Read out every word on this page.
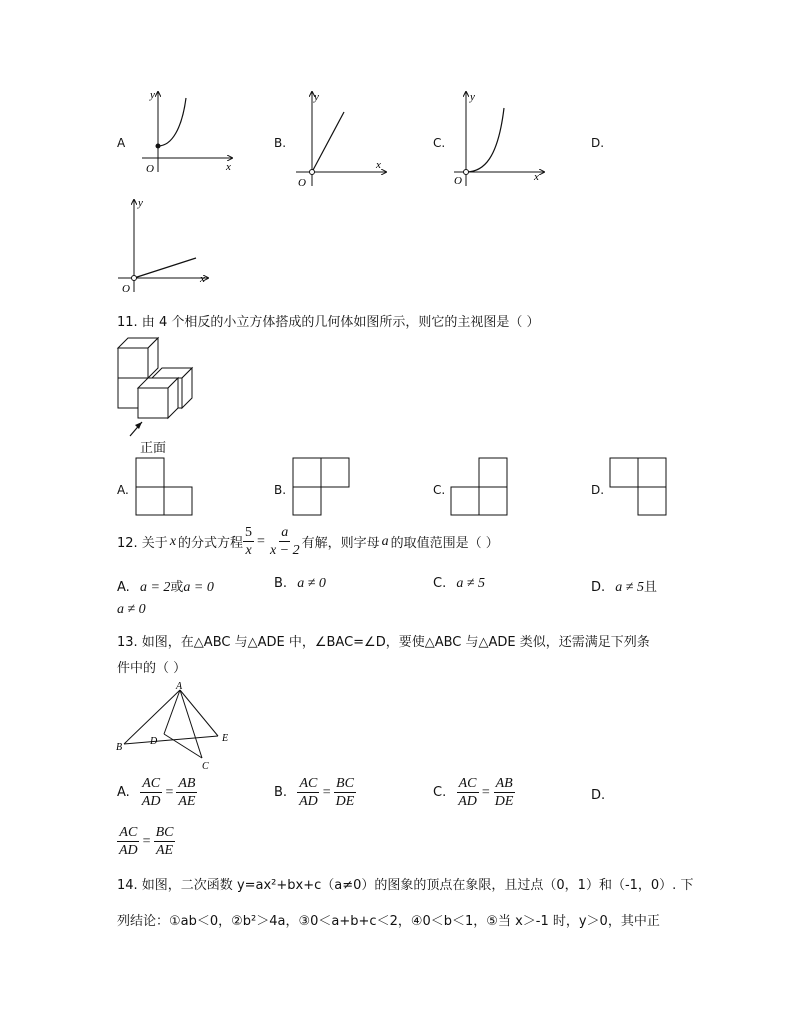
A
y
x
O
B.
y
x
O
C.
y
x
O
D.
y
x
O
11. 由 4 个相反的小立方体搭成的几何体如图所示，则它的主视图是（ ）
正面
A.	B.	C.	D.
12. 关于 x 的分式方程 $\frac{5}{x} = \frac{a}{x - 2}$ 有解，则字母 a 的取值范围是（ ）
A. a = 2或a = 0	B. a ≠ 0	C. a ≠ 5	D. a ≠ 5且
a ≠ 0
13. 如图，在△ABC 与△ADE 中，∠BAC=∠D，要使△ABC 与△ADE 类似，还需满足下列条
件中的（ ）
A
B
C
D	E
A. $\frac{AC}{AD} = \frac{AB}{AE}$	B. $\frac{AC}{AD} = \frac{BC}{DE}$	C. $\frac{AC}{AD} = \frac{AB}{DE}$	D.
$\frac{AC}{AD} = \frac{BC}{AE}$
14. 如图，二次函数 y=ax²+bx+c（a≠0）的图象的顶点在象限，且过点（0，1）和（-1，0）. 下
列结论：①ab＜0，②b²＞4a，③0＜a+b+c＜2，④0＜b＜1，⑤当 x＞-1 时，y＞0，其中正
